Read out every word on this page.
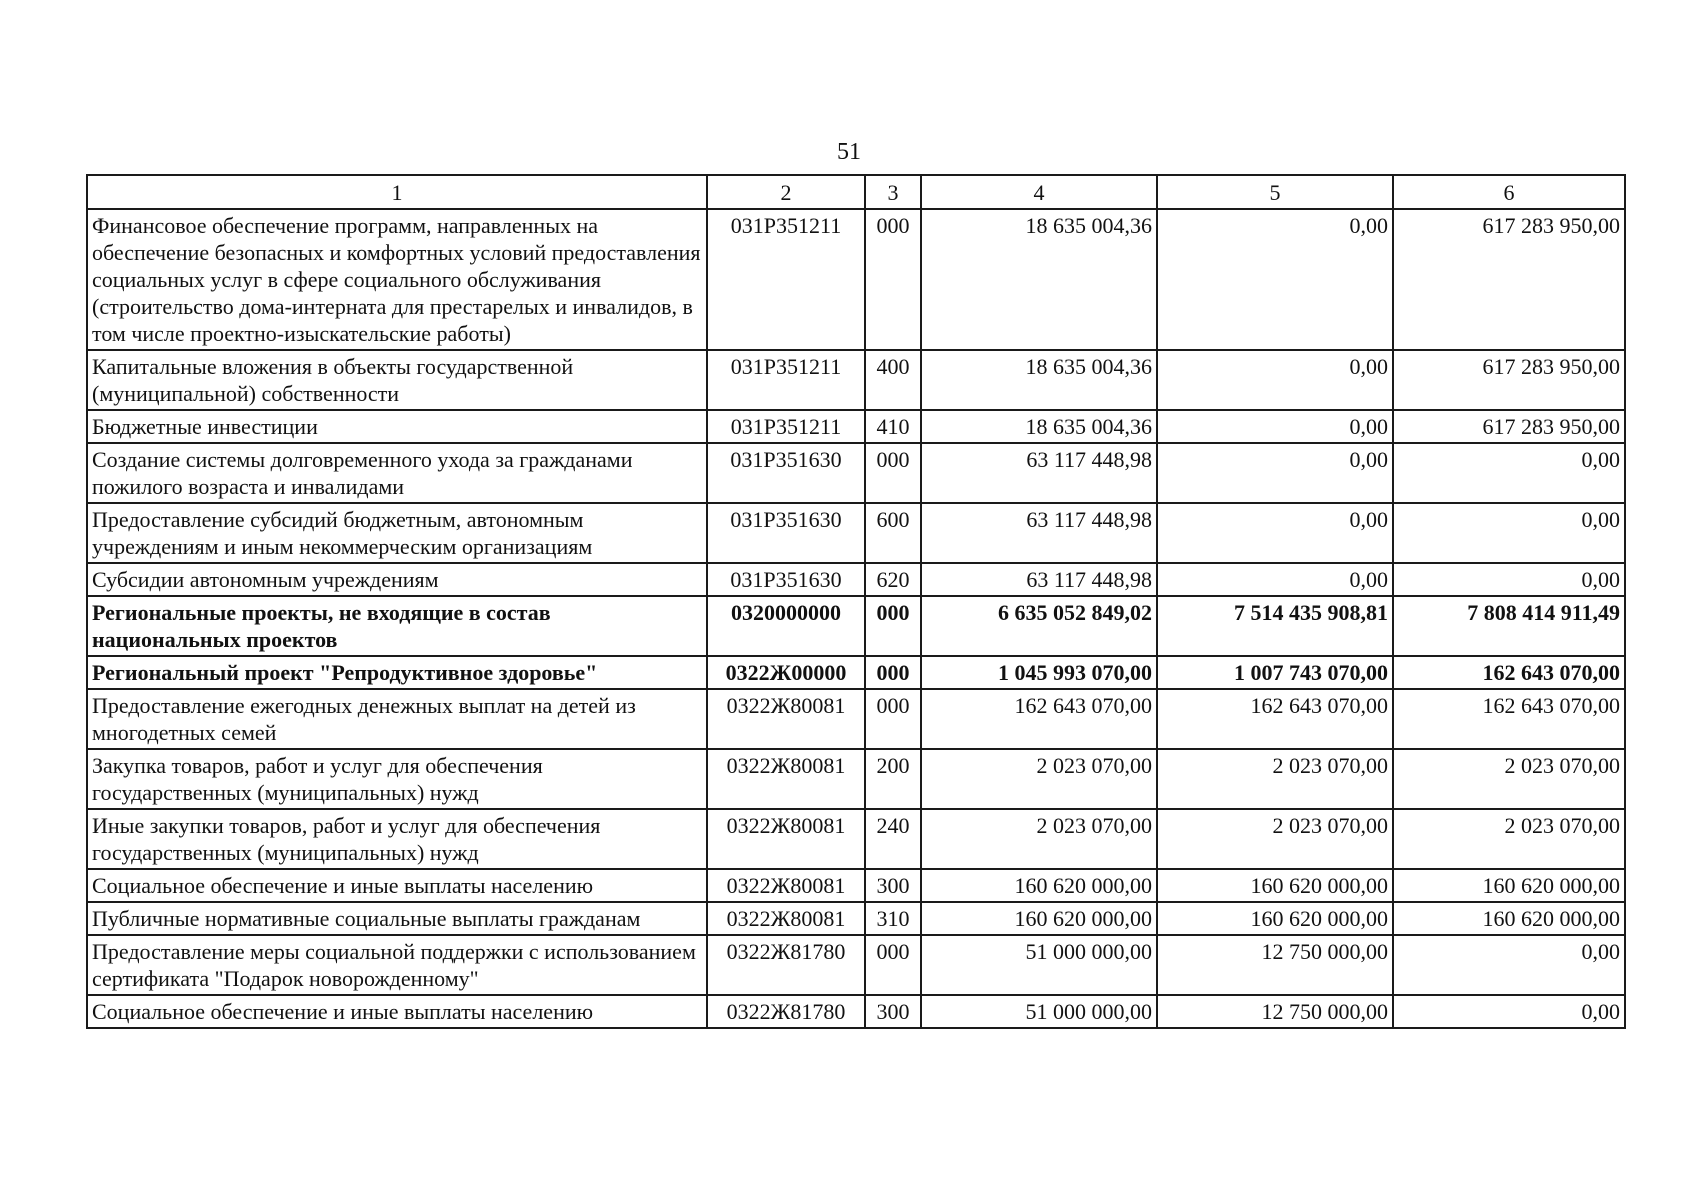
51
1	2	3	4	5	6
Финансовое обеспечение программ, направленных на обеспечение безопасных и комфортных условий предоставления социальных услуг в сфере социального обслуживания (строительство дома-интерната для престарелых и инвалидов, в том числе проектно-изыскательские работы)	031Р351211	000	18 635 004,36	0,00	617 283 950,00
Капитальные вложения в объекты государственной (муниципальной) собственности	031Р351211	400	18 635 004,36	0,00	617 283 950,00
Бюджетные инвестиции	031Р351211	410	18 635 004,36	0,00	617 283 950,00
Создание системы долговременного ухода за гражданами пожилого возраста и инвалидами	031Р351630	000	63 117 448,98	0,00	0,00
Предоставление субсидий бюджетным, автономным учреждениям и иным некоммерческим организациям	031Р351630	600	63 117 448,98	0,00	0,00
Субсидии автономным учреждениям	031Р351630	620	63 117 448,98	0,00	0,00
Региональные проекты, не входящие в состав национальных проектов	0320000000	000	6 635 052 849,02	7 514 435 908,81	7 808 414 911,49
Региональный проект "Репродуктивное здоровье"	0322Ж00000	000	1 045 993 070,00	1 007 743 070,00	162 643 070,00
Предоставление ежегодных денежных выплат на детей из многодетных семей	0322Ж80081	000	162 643 070,00	162 643 070,00	162 643 070,00
Закупка товаров, работ и услуг для обеспечения государственных (муниципальных) нужд	0322Ж80081	200	2 023 070,00	2 023 070,00	2 023 070,00
Иные закупки товаров, работ и услуг для обеспечения государственных (муниципальных) нужд	0322Ж80081	240	2 023 070,00	2 023 070,00	2 023 070,00
Социальное обеспечение и иные выплаты населению	0322Ж80081	300	160 620 000,00	160 620 000,00	160 620 000,00
Публичные нормативные социальные выплаты гражданам	0322Ж80081	310	160 620 000,00	160 620 000,00	160 620 000,00
Предоставление меры социальной поддержки с использованием сертификата "Подарок новорожденному"	0322Ж81780	000	51 000 000,00	12 750 000,00	0,00
Социальное обеспечение и иные выплаты населению	0322Ж81780	300	51 000 000,00	12 750 000,00	0,00
